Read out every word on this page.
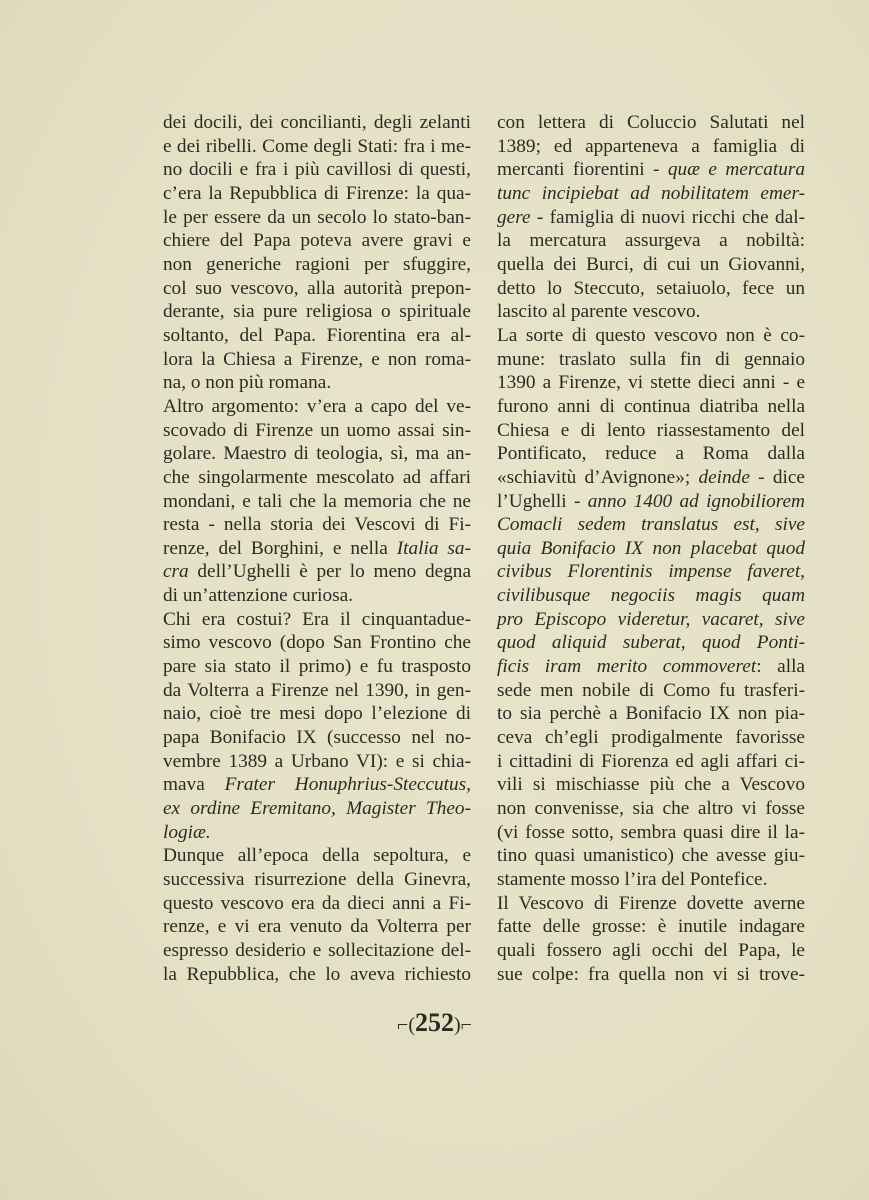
dei docili, dei concilianti, degli zelanti
e dei ribelli. Come degli Stati: fra i me-
no docili e fra i più cavillosi di questi,
c’era la Repubblica di Firenze: la qua-
le per essere da un secolo lo stato-ban-
chiere del Papa poteva avere gravi e
non generiche ragioni per sfuggire,
col suo vescovo, alla autorità prepon-
derante, sia pure religiosa o spirituale
soltanto, del Papa. Fiorentina era al-
lora la Chiesa a Firenze, e non roma-
na, o non più romana.
Altro argomento: v’era a capo del ve-
scovado di Firenze un uomo assai sin-
golare. Maestro di teologia, sì, ma an-
che singolarmente mescolato ad affari
mondani, e tali che la memoria che ne
resta - nella storia dei Vescovi di Fi-
renze, del Borghini, e nella Italia sa-
cra dell’Ughelli è per lo meno degna
di un’attenzione curiosa.
Chi era costui? Era il cinquantadue-
simo vescovo (dopo San Frontino che
pare sia stato il primo) e fu trasposto
da Volterra a Firenze nel 1390, in gen-
naio, cioè tre mesi dopo l’elezione di
papa Bonifacio IX (successo nel no-
vembre 1389 a Urbano VI): e si chia-
mava Frater Honuphrius-Steccutus,
ex ordine Eremitano, Magister Theo-
logiæ.
Dunque all’epoca della sepoltura, e
successiva risurrezione della Ginevra,
questo vescovo era da dieci anni a Fi-
renze, e vi era venuto da Volterra per
espresso desiderio e sollecitazione del-
la Repubblica, che lo aveva richiesto
con lettera di Coluccio Salutati nel
1389; ed apparteneva a famiglia di
mercanti fiorentini - quæ e mercatura
tunc incipiebat ad nobilitatem emer-
gere - famiglia di nuovi ricchi che dal-
la mercatura assurgeva a nobiltà:
quella dei Burci, di cui un Giovanni,
detto lo Steccuto, setaiuolo, fece un
lascito al parente vescovo.
La sorte di questo vescovo non è co-
mune: traslato sulla fin di gennaio
1390 a Firenze, vi stette dieci anni - e
furono anni di continua diatriba nella
Chiesa e di lento riassestamento del
Pontificato, reduce a Roma dalla
«schiavitù d’Avignone»; deinde - dice
l’Ughelli - anno 1400 ad ignobiliorem
Comacli sedem translatus est, sive
quia Bonifacio IX non placebat quod
civibus Florentinis impense faveret,
civilibusque negociis magis quam
pro Episcopo videretur, vacaret, sive
quod aliquid suberat, quod Ponti-
ficis iram merito commoveret: alla
sede men nobile di Como fu trasferi-
to sia perchè a Bonifacio IX non pia-
ceva ch’egli prodigalmente favorisse
i cittadini di Fiorenza ed agli affari ci-
vili si mischiasse più che a Vescovo
non convenisse, sia che altro vi fosse
(vi fosse sotto, sembra quasi dire il la-
tino quasi umanistico) che avesse giu-
stamente mosso l’ira del Pontefice.
Il Vescovo di Firenze dovette averne
fatte delle grosse: è inutile indagare
quali fossero agli occhi del Papa, le
sue colpe: fra quella non vi si trove-
⌐(252)⌐
